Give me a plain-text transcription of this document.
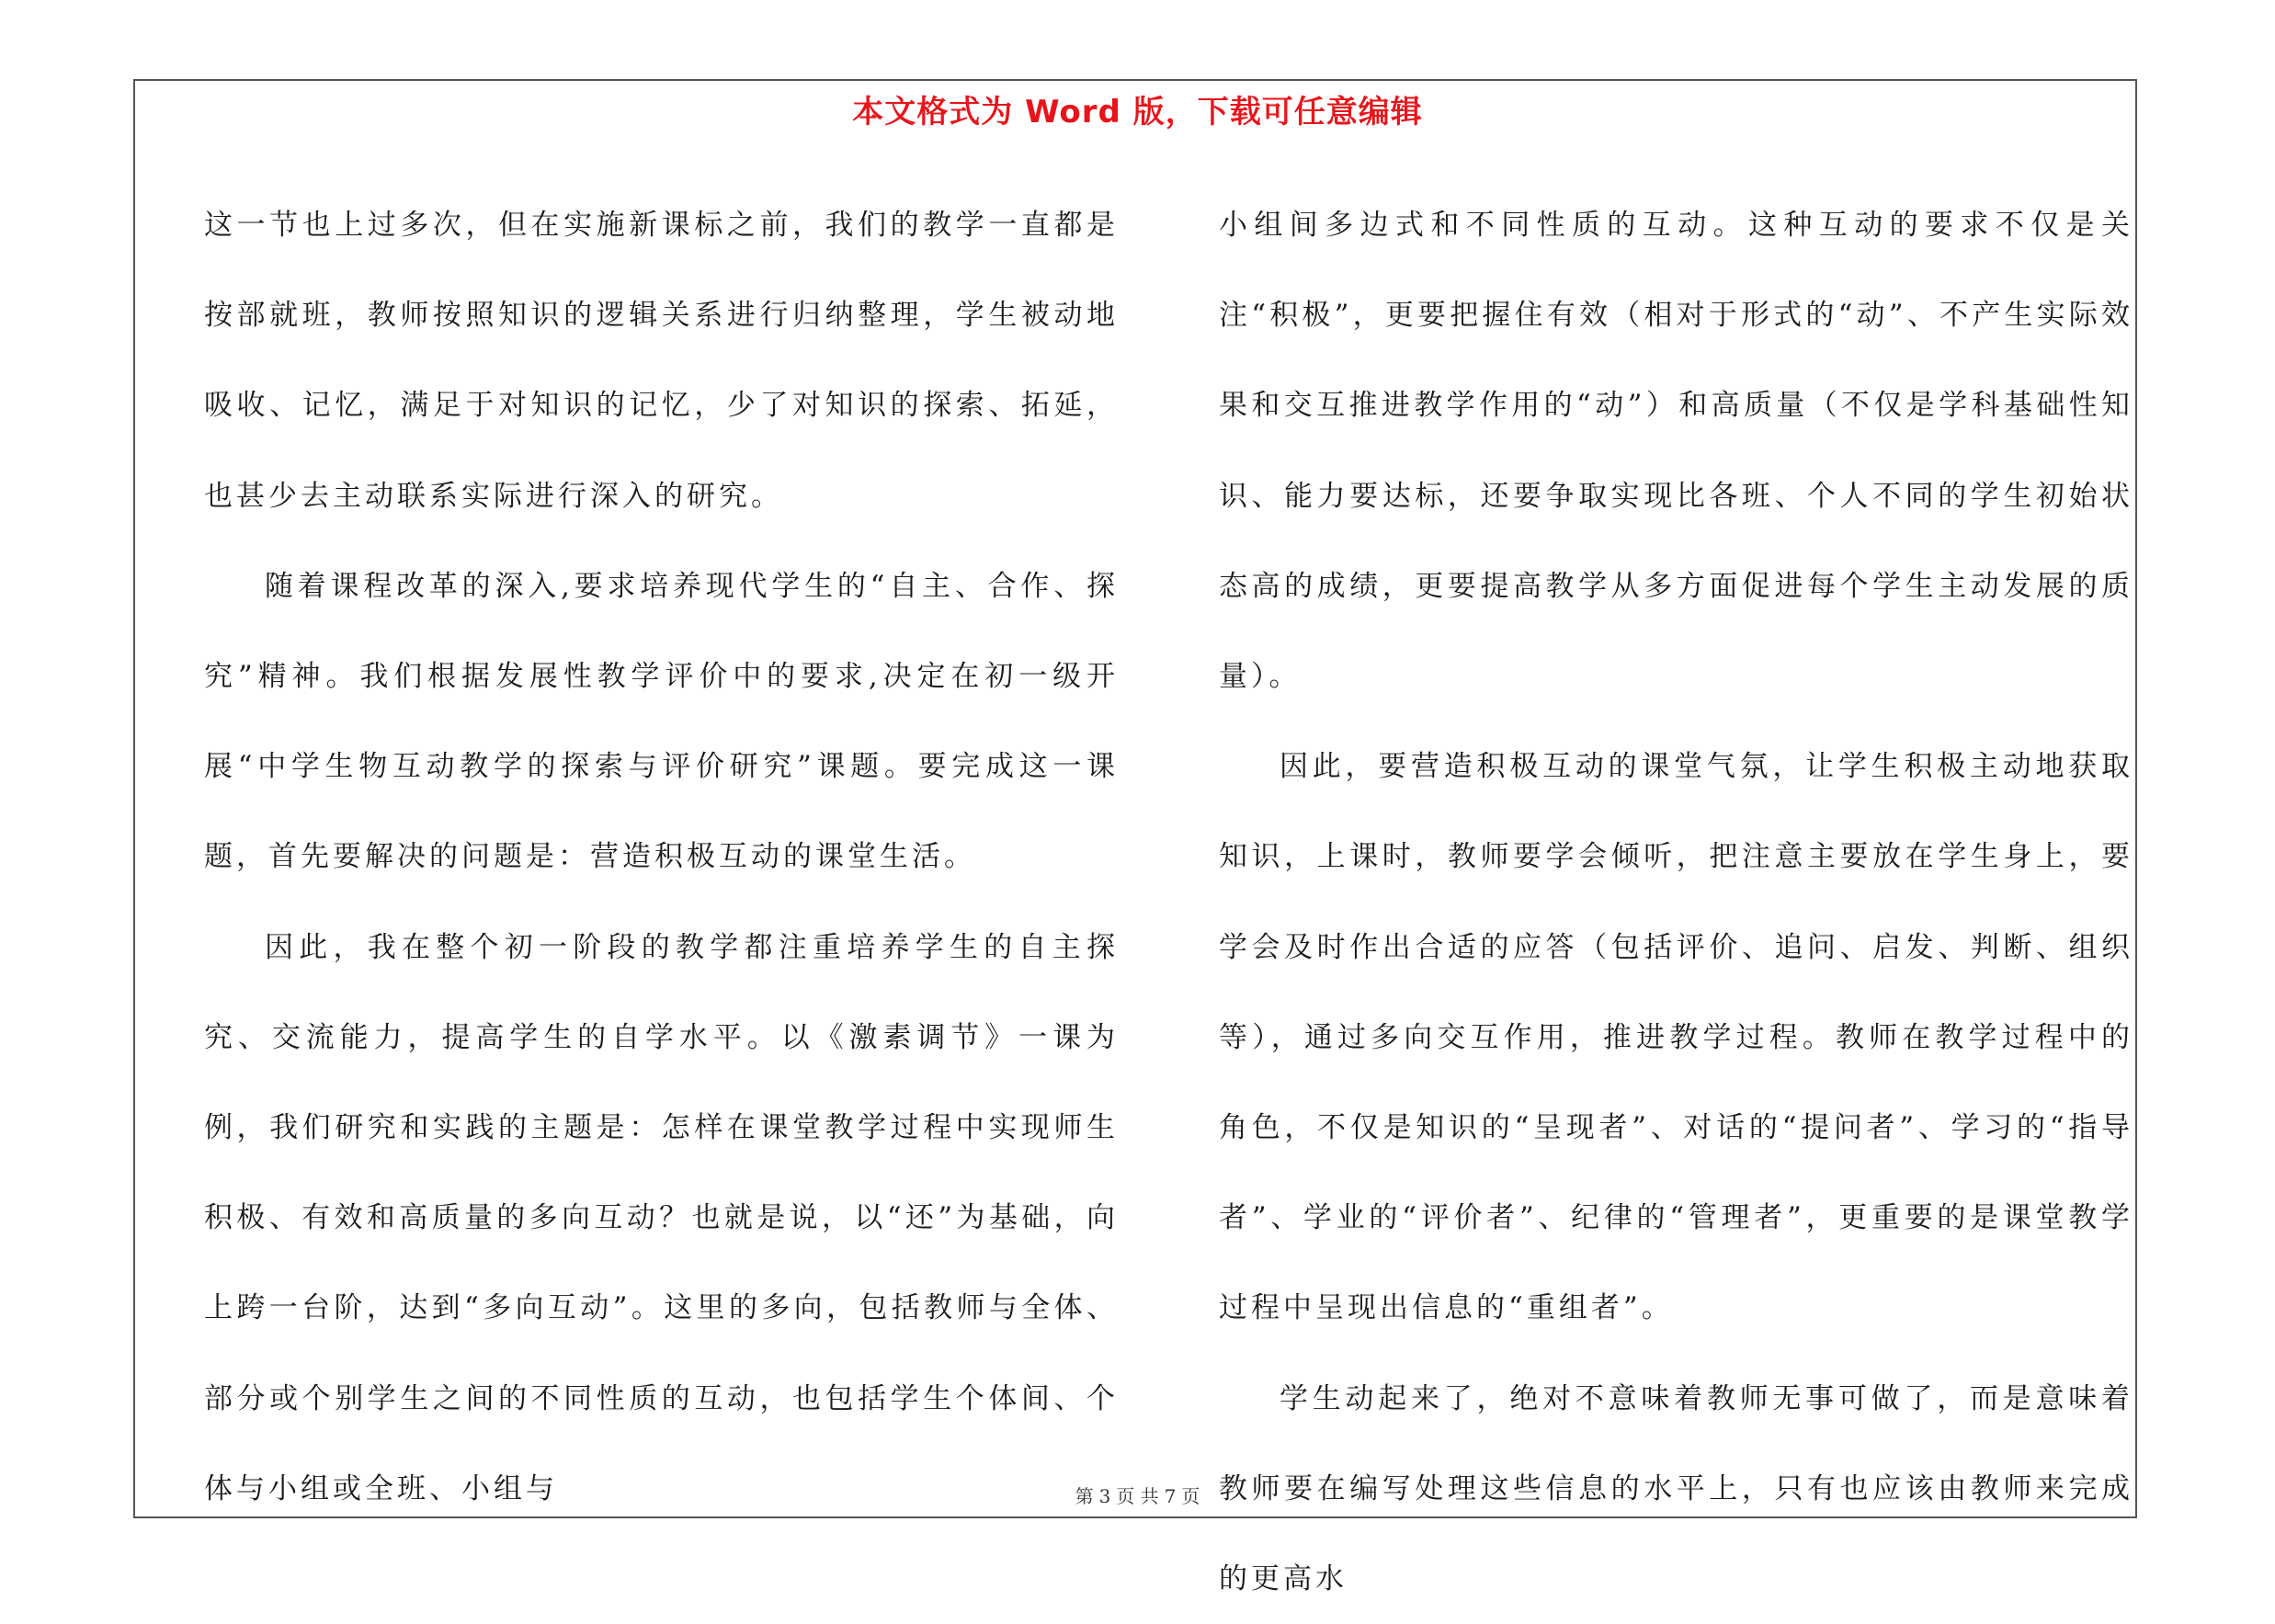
本文格式为 Word 版，下载可任意编辑

这一节也上过多次，但在实施新课标之前，我们的教学一直都是按部就班，教师按照知识的逻辑关系进行归纳整理，学生被动地吸收、记忆，满足于对知识的记忆，少了对知识的探索、拓延，也甚少去主动联系实际进行深入的研究。

随着课程改革的深入,要求培养现代学生的“自主、合作、探究”精神。我们根据发展性教学评价中的要求,决定在初一级开展“中学生物互动教学的探索与评价研究”课题。要完成这一课题，首先要解决的问题是：营造积极互动的课堂生活。

因此，我在整个初一阶段的教学都注重培养学生的自主探究、交流能力，提高学生的自学水平。以《激素调节》一课为例，我们研究和实践的主题是：怎样在课堂教学过程中实现师生积极、有效和高质量的多向互动？也就是说，以“还”为基础，向上跨一台阶，达到“多向互动”。这里的多向，包括教师与全体、部分或个别学生之间的不同性质的互动，也包括学生个体间、个体与小组或全班、小组与

小组间多边式和不同性质的互动。这种互动的要求不仅是关注“积极”，更要把握住有效（相对于形式的“动”、不产生实际效果和交互推进教学作用的“动”）和高质量（不仅是学科基础性知识、能力要达标，还要争取实现比各班、个人不同的学生初始状态高的成绩，更要提高教学从多方面促进每个学生主动发展的质量）。

因此，要营造积极互动的课堂气氛，让学生积极主动地获取知识，上课时，教师要学会倾听，把注意主要放在学生身上，要学会及时作出合适的应答（包括评价、追问、启发、判断、组织等），通过多向交互作用，推进教学过程。教师在教学过程中的角色，不仅是知识的“呈现者”、对话的“提问者”、学习的“指导者”、学业的“评价者”、纪律的“管理者”，更重要的是课堂教学过程中呈现出信息的“重组者”。

学生动起来了，绝对不意味着教师无事可做了，而是意味着教师要在编写处理这些信息的水平上，只有也应该由教师来完成的更高水

第 3 页 共 7 页
